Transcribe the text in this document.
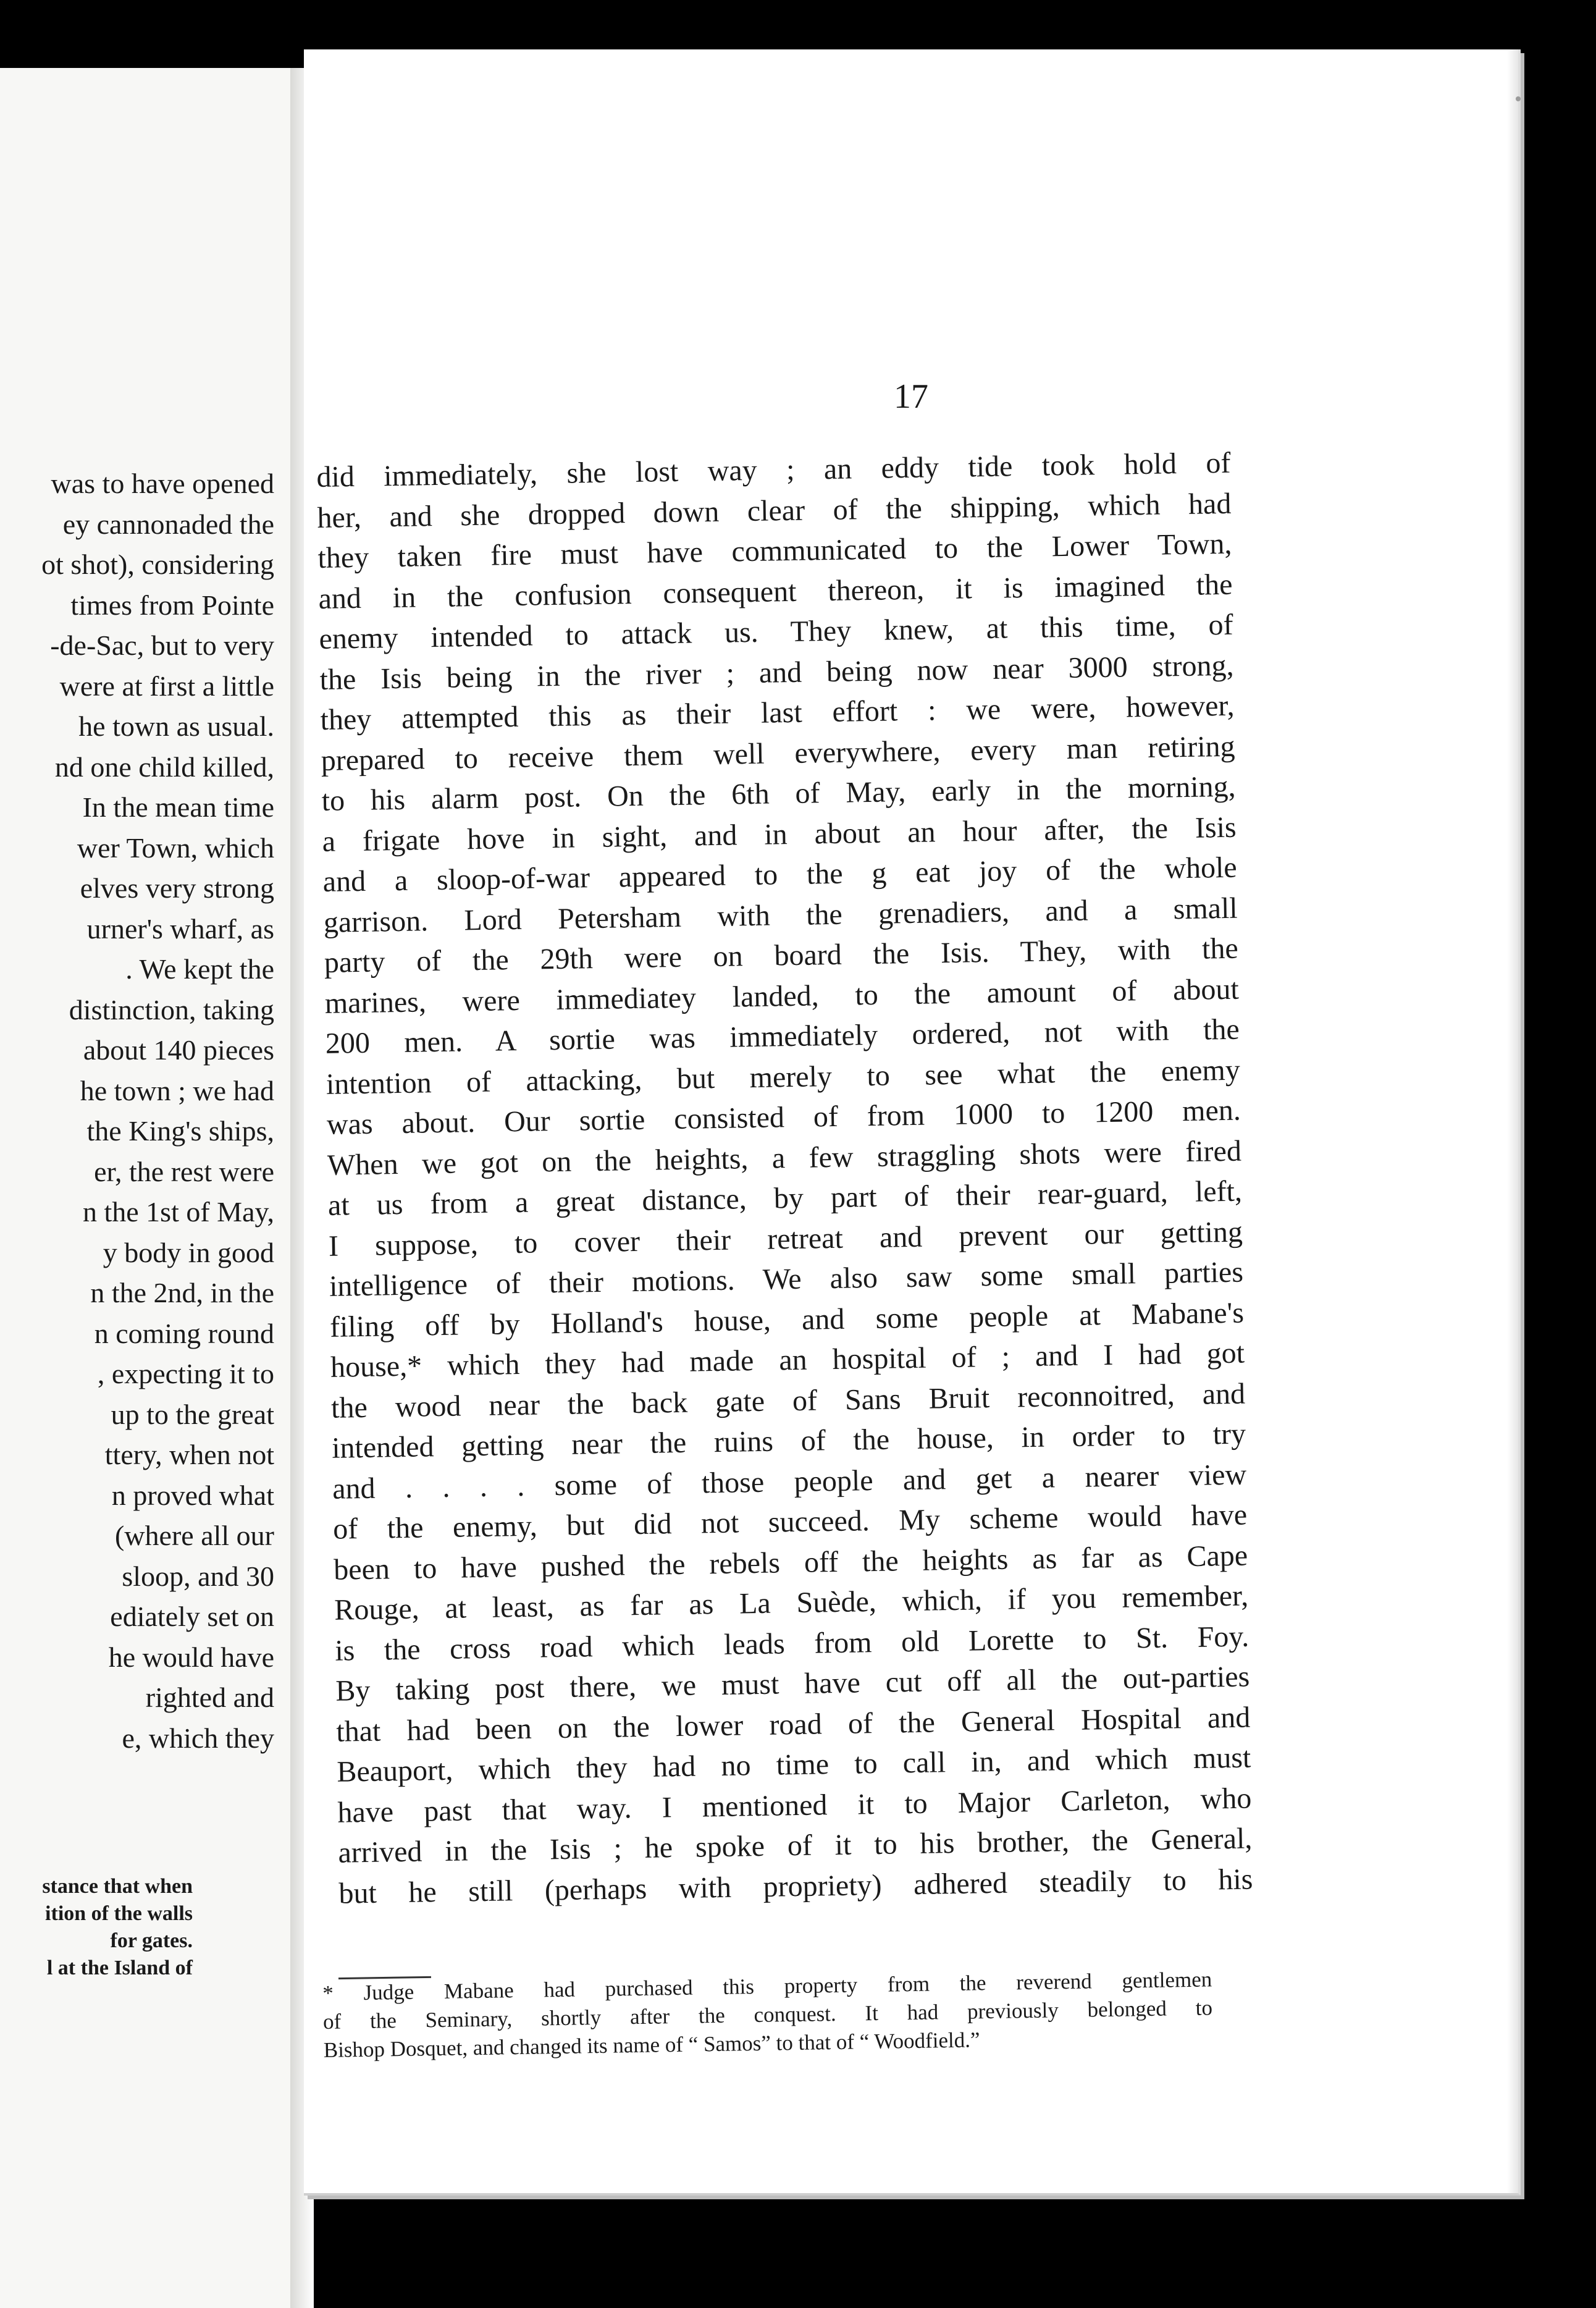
was to have opened
ey cannonaded the
ot shot), considering
times from Pointe
-de-Sac, but to very
were at first a little
he town as usual.
nd one child killed,
In the mean time
wer Town, which
elves very strong
urner's wharf, as
. We kept the
distinction, taking
about 140 pieces
he town ; we had
the King's ships,
er, the rest were
n the 1st of May,
y body in good
n the 2nd, in the
n coming round
, expecting it to
up to the great
ttery, when not
n proved what
(where all our
sloop, and 30
ediately set on
he would have
righted and
e, which they
stance that when
ition of the walls
for gates.
l at the Island of
17
did immediately, she lost way ; an eddy tide took hold of
her, and she dropped down clear of the shipping, which had
they taken fire must have communicated to the Lower Town,
and in the confusion consequent thereon, it is imagined the
enemy intended to attack us. They knew, at this time, of
the Isis being in the river ; and being now near 3000 strong,
they attempted this as their last effort : we were, however,
prepared to receive them well everywhere, every man retiring
to his alarm post. On the 6th of May, early in the morning,
a frigate hove in sight, and in about an hour after, the Isis
and a sloop-of-war appeared to the g eat joy of the whole
garrison. Lord Petersham with the grenadiers, and a small
party of the 29th were on board the Isis. They, with the
marines, were immediatey landed, to the amount of about
200 men. A sortie was immediately ordered, not with the
intention of attacking, but merely to see what the enemy
was about. Our sortie consisted of from 1000 to 1200 men.
When we got on the heights, a few straggling shots were fired
at us from a great distance, by part of their rear-guard, left,
I suppose, to cover their retreat and prevent our getting
intelligence of their motions. We also saw some small parties
filing off by Holland's house, and some people at Mabane's
house,* which they had made an hospital of ; and I had got
the wood near the back gate of Sans Bruit reconnoitred, and
intended getting near the ruins of the house, in order to try
and . . . . some of those people and get a nearer view
of the enemy, but did not succeed. My scheme would have
been to have pushed the rebels off the heights as far as Cape
Rouge, at least, as far as La Suède, which, if you remember,
is the cross road which leads from old Lorette to St. Foy.
By taking post there, we must have cut off all the out-parties
that had been on the lower road of the General Hospital and
Beauport, which they had no time to call in, and which must
have past that way. I mentioned it to Major Carleton, who
arrived in the Isis ; he spoke of it to his brother, the General,
but he still (perhaps with propriety) adhered steadily to his
* Judge Mabane had purchased this property from the reverend gentlemen
of the Seminary, shortly after the conquest. It had previously belonged to
Bishop Dosquet, and changed its name of “ Samos” to that of “ Woodfield.”
